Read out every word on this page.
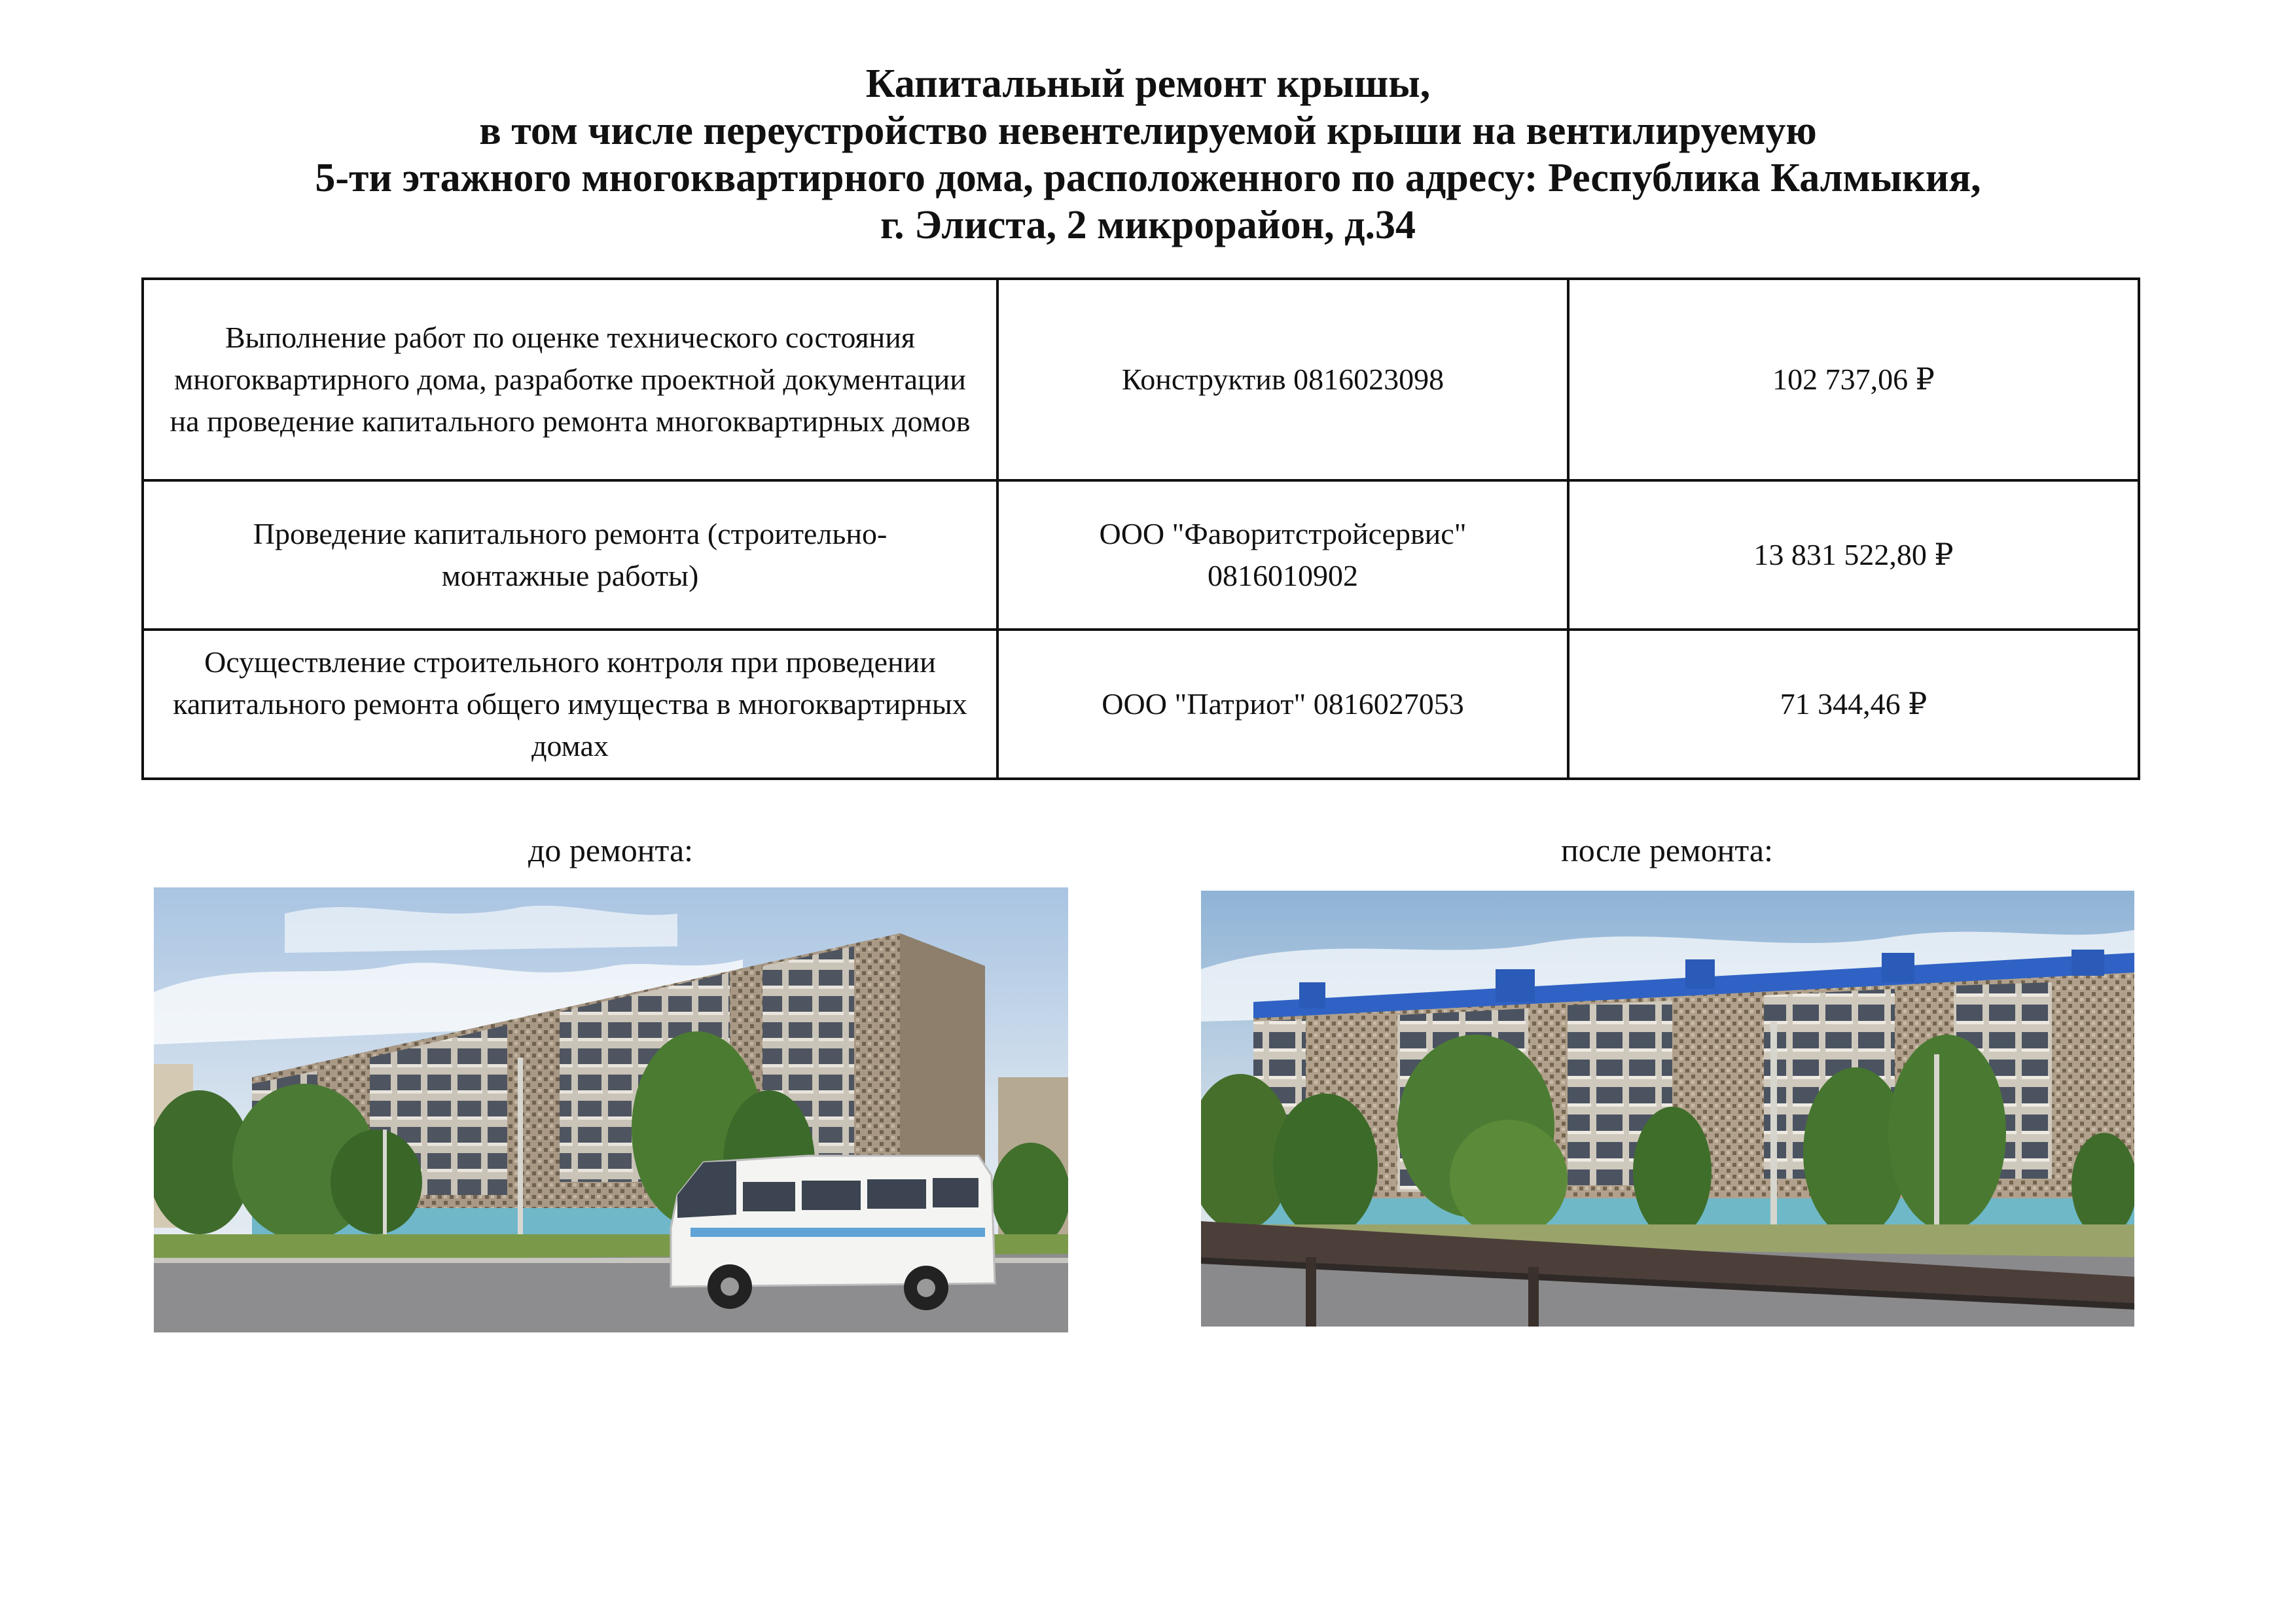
Капитальный ремонт крышы,
в том числе переустройство невентелируемой крыши на вентилируемую
5-ти этажного многоквартирного дома, расположенного по адресу: Республика Калмыкия,
г. Элиста, 2 микрорайон, д.34
Выполнение работ по оценке технического состояния многоквартирного дома, разработке проектной документации на проведение капитального ремонта многоквартирных домов	Конструктив 0816023098	102 737,06 ₽
Проведение капитального ремонта (строительно-монтажные работы)	ООО "Фаворитстройсервис" 0816010902	13 831 522,80 ₽
Осуществление строительного контроля при проведении капитального ремонта общего имущества в многоквартирных домах	ООО "Патриот" 0816027053	71 344,46 ₽
до ремонта:	после ремонта:
